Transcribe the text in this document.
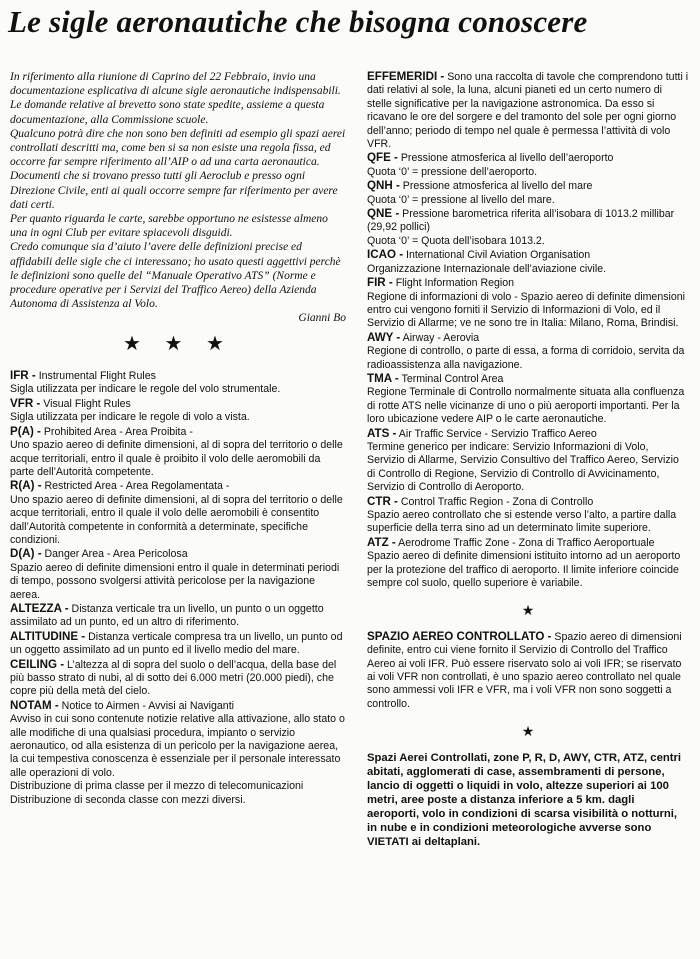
Le sigle aeronautiche che bisogna conoscere

In riferimento alla riunione di Caprino del 22 Febbraio, invio una documentazione esplicativa di alcune sigle aeronautiche indispensabili. Le domande relative al brevetto sono state spedite, assieme a questa documentazione, alla Commissione scuole.

Qualcuno potrà dire che non sono ben definiti ad esempio gli spazi aerei controllati descritti ma, come ben si sa non esiste una regola fissa, ed occorre far sempre riferimento all’AIP o ad una carta aeronautica. Documenti che si trovano presso tutti gli Aeroclub e presso ogni Direzione Civile, enti ai quali occorre sempre far riferimento per avere dati certi.

Per quanto riguarda le carte, sarebbe opportuno ne esistesse almeno una in ogni Club per evitare spiacevoli disguidi.

Credo comunque sia d’aiuto l’avere delle definizioni precise ed affidabili delle sigle che ci interessano; ho usato questi aggettivi perchè le definizioni sono quelle del “Manuale Operativo ATS” (Norme e procedure operative per i Servizi del Traffico Aereo) della Azienda Autonoma di Assistenza al Volo.

Gianni Bo

★ ★ ★

IFR - Instrumental Flight Rules

Sigla utilizzata per indicare le regole del volo strumentale.

VFR - Visual Flight Rules

Sigla utilizzata per indicare le regole di volo a vista.

P(A) - Prohibited Area - Area Proibita -

Uno spazio aereo di definite dimensioni, al di sopra del territorio o delle acque territoriali, entro il quale è proibito il volo delle aeromobili da parte dell’Autorità competente.

R(A) - Restricted Area - Area Regolamentata -

Uno spazio aereo di definite dimensioni, al di sopra del territorio o delle acque territoriali, entro il quale il volo delle aeromobili è consentito dall’Autorità competente in conformità a determinate, specifiche condizioni.

D(A) - Danger Area - Area Pericolosa

Spazio aereo di definite dimensioni entro il quale in determinati periodi di tempo, possono svolgersi attività pericolose per la navigazione aerea.

ALTEZZA - Distanza verticale tra un livello, un punto o un oggetto assimilato ad un punto, ed un altro di riferimento.

ALTITUDINE - Distanza verticale compresa tra un livello, un punto od un oggetto assimilato ad un punto ed il livello medio del mare.

CEILING - L’altezza al di sopra del suolo o dell’acqua, della base del più basso strato di nubi, al di sotto dei 6.000 metri (20.000 piedi), che copre più della metà del cielo.

NOTAM - Notice to Airmen - Avvisi ai Naviganti

Avviso in cui sono contenute notizie relative alla attivazione, allo stato o alle modifiche di una qualsiasi procedura, impianto o servizio aeronautico, od alla esistenza di un pericolo per la navigazione aerea, la cui tempestiva conoscenza è essenziale per il personale interessato alle operazioni di volo.

Distribuzione di prima classe per il mezzo di telecomunicazioni

Distribuzione di seconda classe con mezzi diversi.

EFFEMERIDI - Sono una raccolta di tavole che comprendono tutti i dati relativi al sole, la luna, alcuni pianeti ed un certo numero di stelle significative per la navigazione astronomica. Da esso si ricavano le ore del sorgere e del tramonto del sole per ogni giorno dell’anno; periodo di tempo nel quale è permessa l’attività di volo VFR.

QFE - Pressione atmosferica al livello dell’aeroporto

Quota ‘0’ = pressione dell’aeroporto.

QNH - Pressione atmosferica al livello del mare

Quota ‘0’ = pressione al livello del mare.

QNE - Pressione barometrica riferita all’isobara di 1013.2 millibar (29,92 pollici)

Quota ‘0’ = Quota dell’isobara 1013.2.

ICAO - International Civil Aviation Organisation

Organizzazione Internazionale dell’aviazione civile.

FIR - Flight Information Region

Regione di informazioni di volo - Spazio aereo di definite dimensioni entro cui vengono forniti il Servizio di Informazioni di Volo, ed il Servizio di Allarme; ve ne sono tre in Italia: Milano, Roma, Brindisi.

AWY - Airway - Aerovia

Regione di controllo, o parte di essa, a forma di corridoio, servita da radioassistenza alla navigazione.

TMA - Terminal Control Area

Regione Terminale di Controllo normalmente situata alla confluenza di rotte ATS nelle vicinanze di uno o più aeroporti importanti. Per la loro ubicazione vedere AIP o le carte aeronautiche.

ATS - Air Traffic Service - Servizio Traffico Aereo

Termine generico per indicare: Servizio Informazioni di Volo, Servizio di Allarme, Servizio Consultivo del Traffico Aereo, Servizio di Controllo di Regione, Servizio di Controllo di Avvicinamento, Servizio di Controllo di Aeroporto.

CTR - Control Traffic Region - Zona di Controllo

Spazio aereo controllato che si estende verso l’alto, a partire dalla superficie della terra sino ad un determinato limite superiore.

ATZ - Aerodrome Traffic Zone - Zona di Traffico Aeroportuale

Spazio aereo di definite dimensioni istituito intorno ad un aeroporto per la protezione del traffico di aeroporto. Il limite inferiore coincide sempre col suolo, quello superiore è variabile.

★

SPAZIO AEREO CONTROLLATO - Spazio aereo di dimensioni definite, entro cui viene fornito il Servizio di Controllo del Traffico Aereo ai voli IFR. Può essere riservato solo ai voli IFR; se riservato ai voli VFR non controllati, è uno spazio aereo controllato nel quale sono ammessi voli IFR e VFR, ma i voli VFR non sono soggetti a controllo.

★

Spazi Aerei Controllati, zone P, R, D, AWY, CTR, ATZ, centri abitati, agglomerati di case, assembramenti di persone, lancio di oggetti o liquidi in volo, altezze superiori ai 100 metri, aree poste a distanza inferiore a 5 km. dagli aeroporti, volo in condizioni di scarsa visibilità o notturni, in nube e in condizioni meteorologiche avverse sono VIETATI ai deltaplani.
